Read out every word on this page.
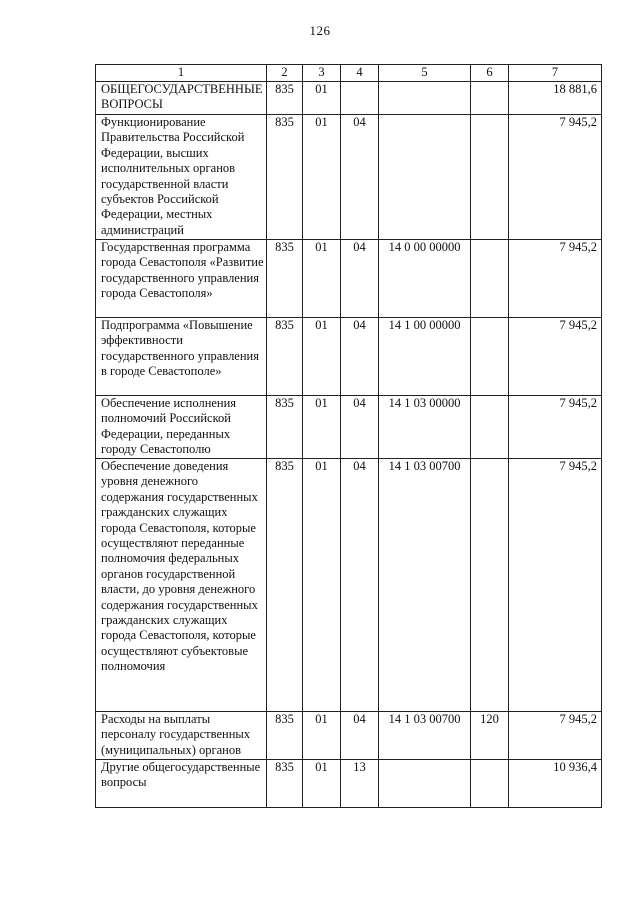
126
1	2	3	4	5	6	7
ОБЩЕГОСУДАРСТВЕННЫЕ ВОПРОСЫ	835	01				18 881,6
Функционирование Правительства Российской Федерации, высших исполнительных органов государственной власти субъектов Российской Федерации, местных администраций	835	01	04			7 945,2
Государственная программа города Севастополя «Развитие государственного управления города Севастополя»	835	01	04	14 0 00 00000		7 945,2
Подпрограмма «Повышение эффективности государственного управления в городе Севастополе»	835	01	04	14 1 00 00000		7 945,2
Обеспечение исполнения полномочий Российской Федерации, переданных городу Севастополю	835	01	04	14 1 03 00000		7 945,2
Обеспечение доведения уровня денежного содержания государственных гражданских служащих города Севастополя, которые осуществляют переданные полномочия федеральных органов государственной власти, до уровня денежного содержания государственных гражданских служащих города Севастополя, которые осуществляют субъектовые полномочия	835	01	04	14 1 03 00700		7 945,2
Расходы на выплаты персоналу государственных (муниципальных) органов	835	01	04	14 1 03 00700	120	7 945,2
Другие общегосударственные вопросы	835	01	13			10 936,4
